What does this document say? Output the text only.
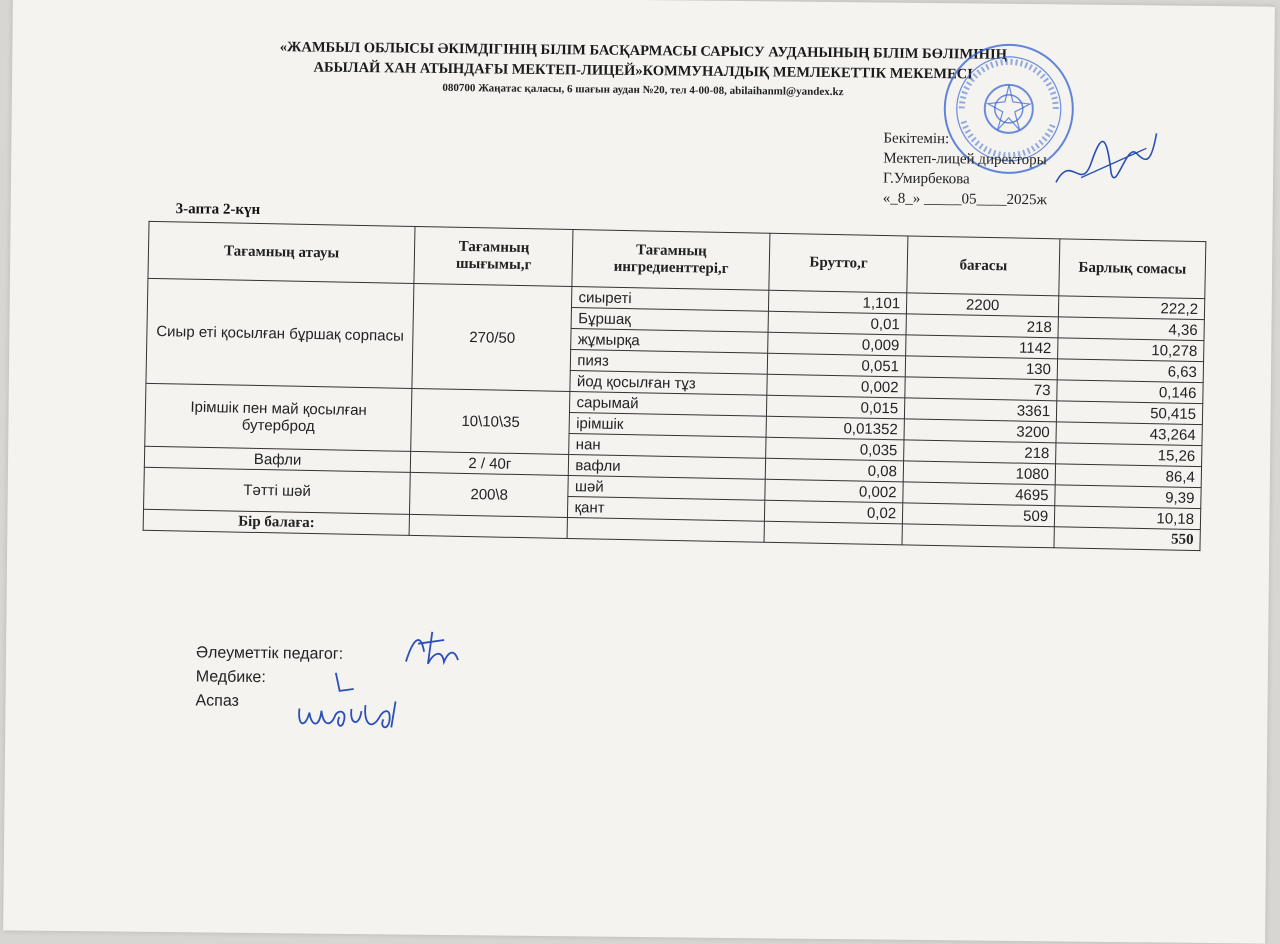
«ЖАМБЫЛ ОБЛЫСЫ ӘКІМДІГІНІҢ БІЛІМ БАСҚАРМАСЫ САРЫСУ АУДАНЫНЫҢ БІЛІМ БӨЛІМІНІҢ
АБЫЛАЙ ХАН АТЫНДАҒЫ МЕКТЕП-ЛИЦЕЙ»КОММУНАЛДЫҚ МЕМЛЕКЕТТІК МЕКЕМЕСІ
080700 Жаңатас қаласы, 6 шағын аудан №20, тел 4-00-08, abilaihanml@yandex.kz
Бекітемін:
Мектеп-лицей директоры
Г.Умирбекова
«_8_» _____05____2025ж
3-апта 2-күн
Тағамның атауы	Тағамның шығымы,г	Тағамның ингредиенттері,г	Брутто,г	бағасы	Барлық сомасы
Сиыр еті қосылған бұршақ сорпасы	270/50	сиыреті	1,101	2200	222,2
		Бұршақ	0,01	218	4,36
		жұмырқа	0,009	1142	10,278
		пияз	0,051	130	6,63
		йод қосылған тұз	0,002	73	0,146
Ірімшік пен май қосылған бутерброд	10\10\35	сарымай	0,015	3361	50,415
		ірімшік	0,01352	3200	43,264
		нан	0,035	218	15,26
Вафли	2 / 40г	вафли	0,08	1080	86,4
Тәтті шәй	200\8	шәй	0,002	4695	9,39
		қант	0,02	509	10,18
Бір балаға:					550
Әлеуметтік педагог:
Медбике:
Аспаз
